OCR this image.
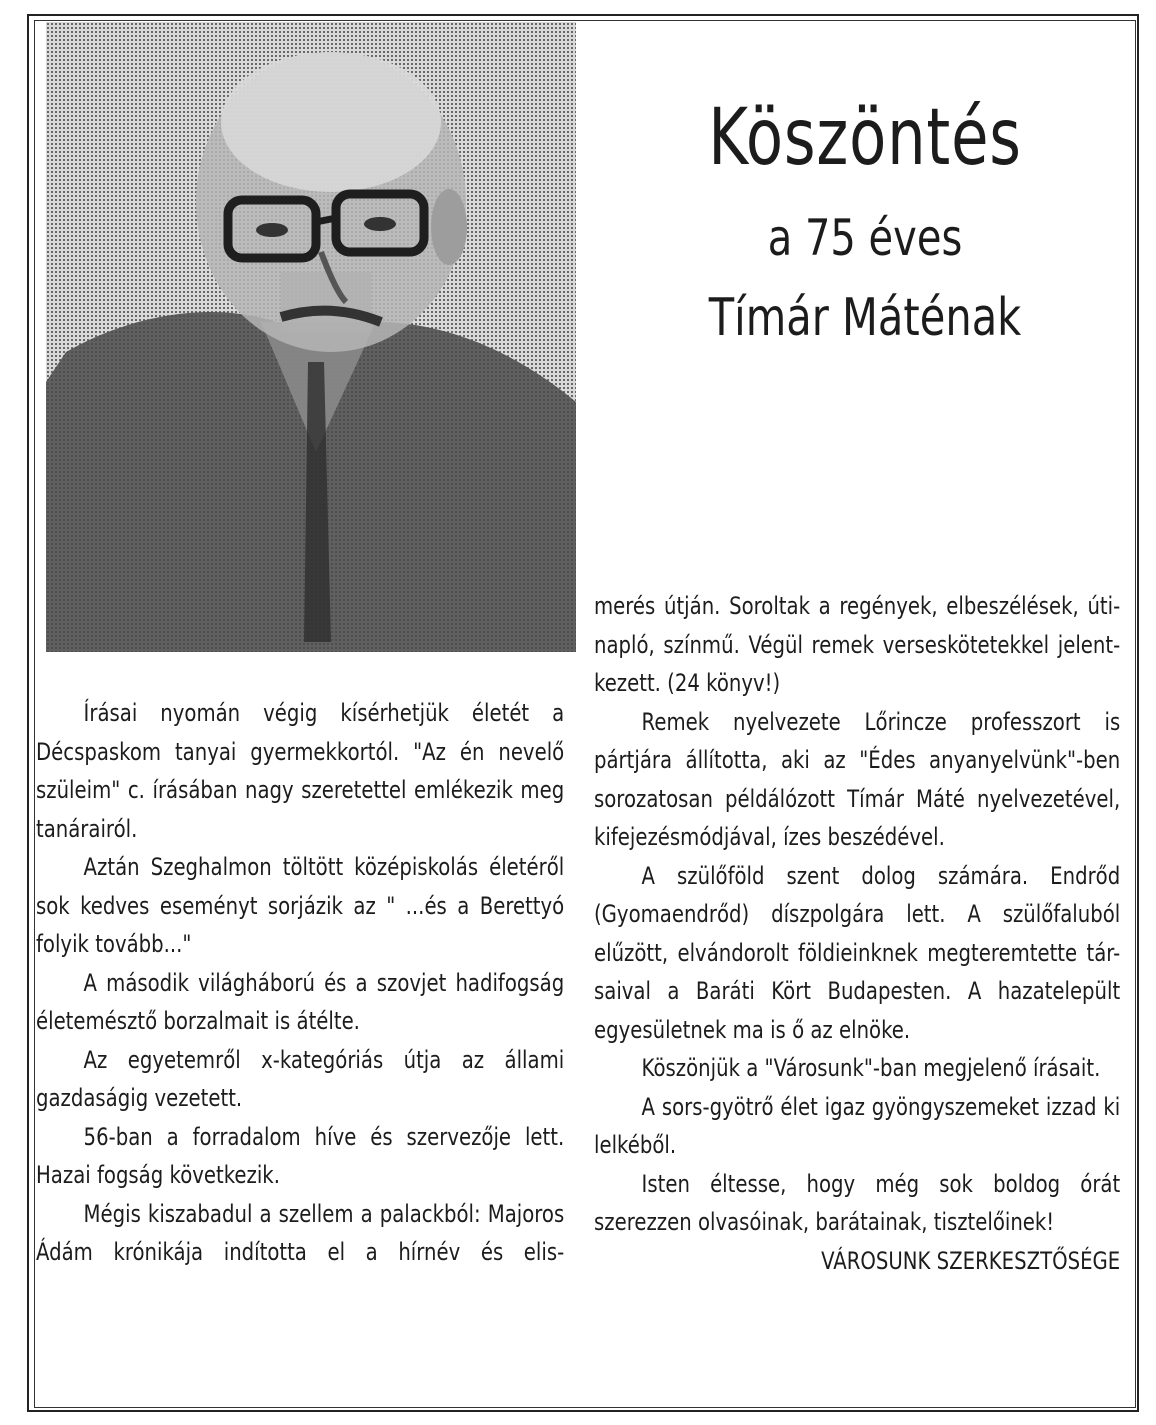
Köszöntés
a 75 éves
Tímár Máténak

Írásai nyomán végig kísérhetjük életét a Décspaskom tanyai gyermekkortól. "Az én nevelő szüleim" c. írásában nagy szeretettel emlékezik meg tanárairól.

Aztán Szeghalmon töltött középiskolás életéről sok kedves eseményt sorjázik az " ...és a Berettyó folyik tovább..."

A második világháború és a szovjet hadifogság életemésztő borzalmait is átélte.

Az egyetemről x-kategóriás útja az állami gazdaságig vezetett.

56-ban a forradalom híve és szervezője lett. Hazai fogság következik.

Mégis kiszabadul a szellem a palackból: Majoros Ádám krónikája indította el a hírnév és elis-

merés útján. Soroltak a regények, elbeszélések, úti-napló, színmű. Végül remek verseskötetekkel jelent-kezett. (24 könyv!)

Remek nyelvezete Lőrincze professzort is pártjára állította, aki az "Édes anyanyelvünk"-ben sorozatosan példálózott Tímár Máté nyelvezetével, kifejezésmódjával, ízes beszédével.

A szülőföld szent dolog számára. Endrőd (Gyomaendrőd) díszpolgára lett. A szülőfaluból elűzött, elvándorolt földieinknek megteremtette tár-saival a Baráti Kört Budapesten. A hazatelepült egyesületnek ma is ő az elnöke.

Köszönjük a "Városunk"-ban megjelenő írásait.

A sors-gyötrő élet igaz gyöngyszemeket izzad ki lelkéből.

Isten éltesse, hogy még sok boldog órát szerezzen olvasóinak, barátainak, tisztelőinek!

VÁROSUNK SZERKESZTŐSÉGE
